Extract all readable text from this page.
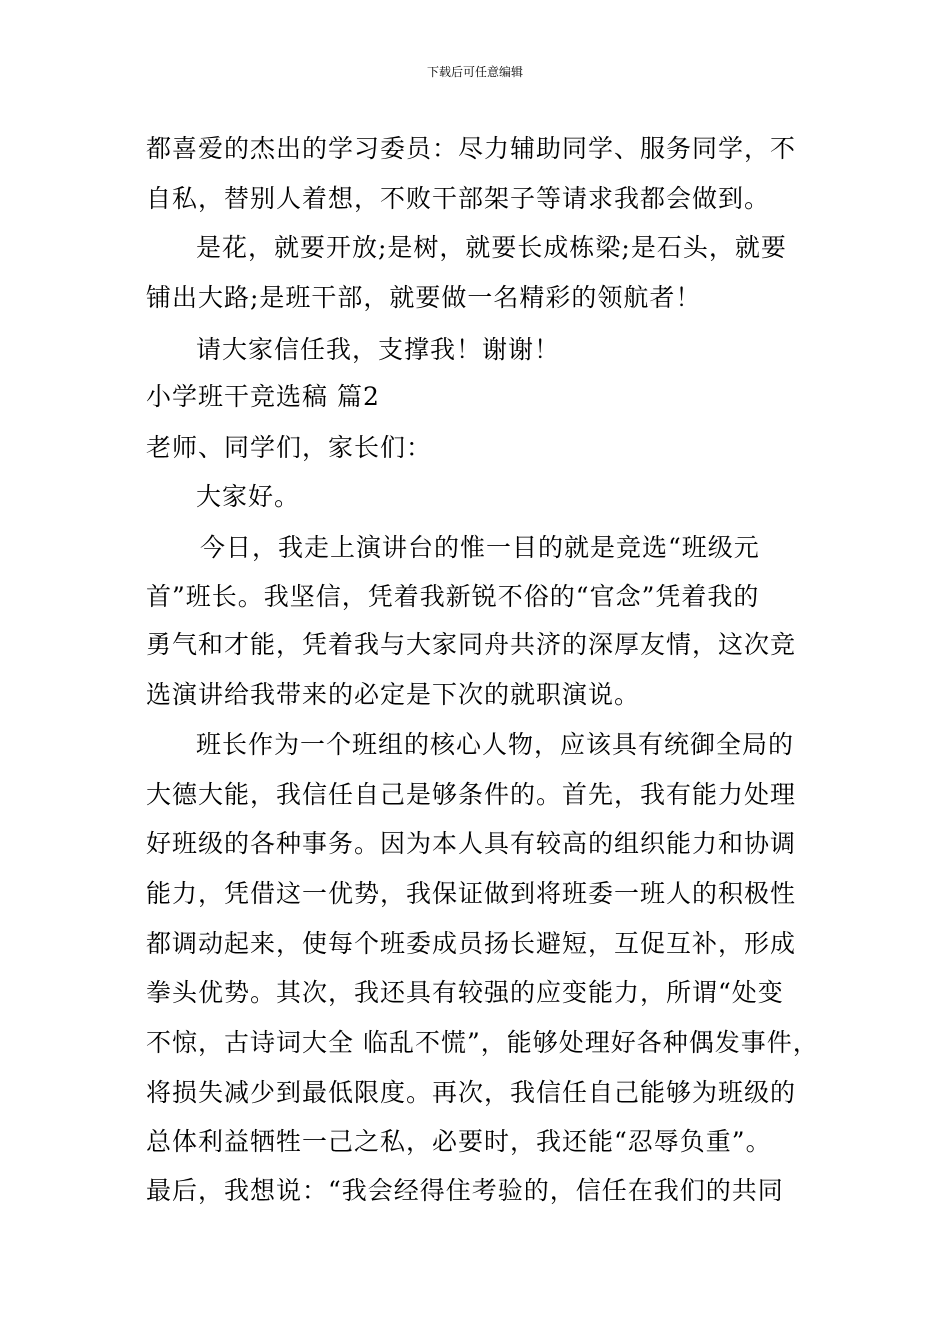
下载后可任意编辑
都喜爱的杰出的学习委员：尽力辅助同学、服务同学，不
自私，替别人着想，不败干部架子等请求我都会做到。
是花，就要开放;是树，就要长成栋梁;是石头，就要
铺出大路;是班干部，就要做一名精彩的领航者！
请大家信任我，支撑我！谢谢！
小学班干竞选稿 篇2
老师、同学们，家长们：
大家好。
今日，我走上演讲台的惟一目的就是竞选“班级元
首”班长。我坚信，凭着我新锐不俗的“官念”凭着我的
勇气和才能，凭着我与大家同舟共济的深厚友情，这次竞
选演讲给我带来的必定是下次的就职演说。
班长作为一个班组的核心人物，应该具有统御全局的
大德大能，我信任自己是够条件的。首先，我有能力处理
好班级的各种事务。因为本人具有较高的组织能力和协调
能力，凭借这一优势，我保证做到将班委一班人的积极性
都调动起来，使每个班委成员扬长避短，互促互补，形成
拳头优势。其次，我还具有较强的应变能力，所谓“处变
不惊，古诗词大全 临乱不慌”，能够处理好各种偶发事件，
将损失减少到最低限度。再次，我信任自己能够为班级的
总体利益牺牲一己之私，必要时，我还能“忍辱负重”。
最后，我想说：“我会经得住考验的，信任在我们的共同
